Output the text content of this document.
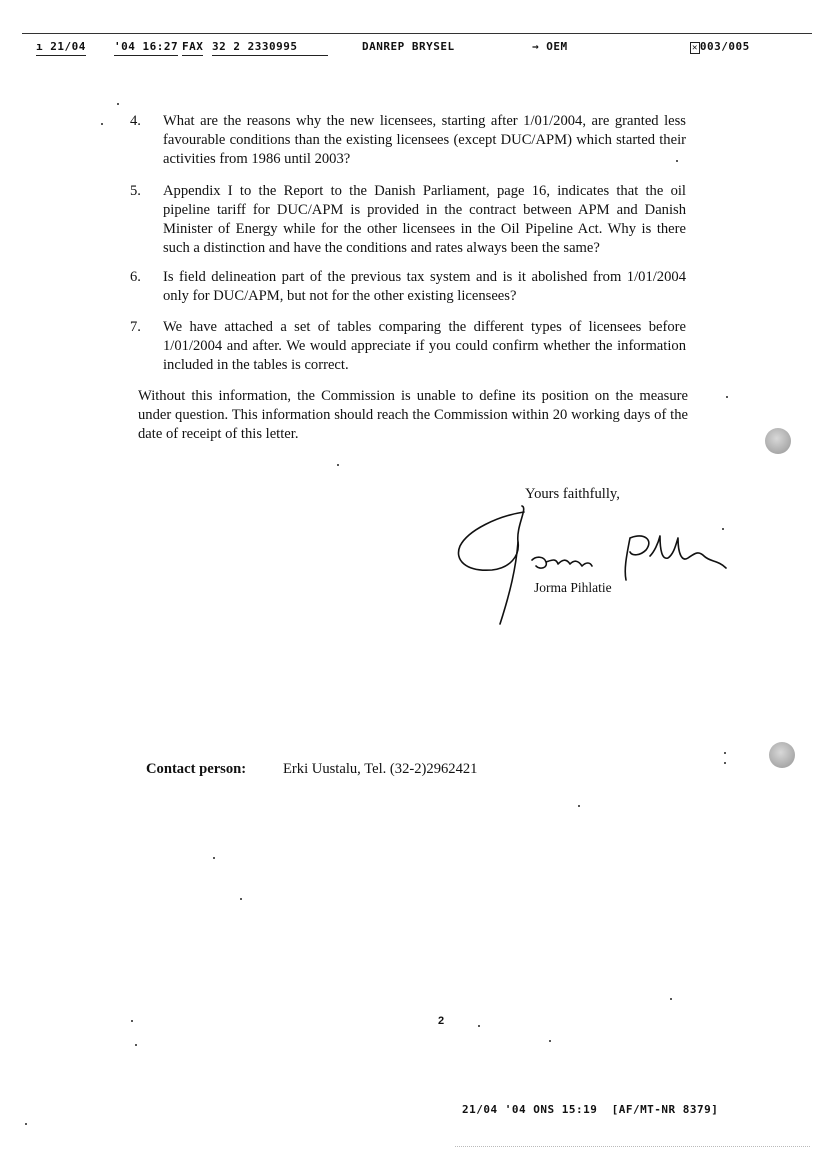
ı 21/04	'04 16:27 FAX 32 2 2330995	DANREP BRYSEL	→ OEM	✕ 003/005
4.	What are the reasons why the new licensees, starting after 1/01/2004, are granted less favourable conditions than the existing licensees (except DUC/APM) which started their activities from 1986 until 2003?
5.	Appendix I to the Report to the Danish Parliament, page 16, indicates that the oil pipeline tariff for DUC/APM is provided in the contract between APM and Danish Minister of Energy while for the other licensees in the Oil Pipeline Act. Why is there such a distinction and have the conditions and rates always been the same?
6.	Is field delineation part of the previous tax system and is it abolished from 1/01/2004 only for DUC/APM, but not for the other existing licensees?
7.	We have attached a set of tables comparing the different types of licensees before 1/01/2004 and after. We would appreciate if you could confirm whether the information included in the tables is correct.
Without this information, the Commission is unable to define its position on the measure under question. This information should reach the Commission within 20 working days of the date of receipt of this letter.
Yours faithfully,
Jorma Pihlatie
Contact person:	Erki Uustalu, Tel. (32-2)2962421
2
21/04 '04 ONS 15:19  [AF/MT-NR 8379]
